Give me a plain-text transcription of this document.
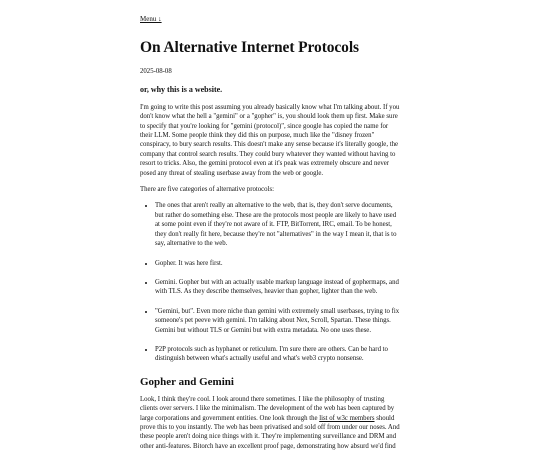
Menu ↓
On Alternative Internet Protocols
2025-08-08
or, why this is a website.

I'm going to write this post assuming you already basically know what I'm talking about. If you don't know what the hell a "gemini" or a "gopher" is, you should look them up first. Make sure to specify that you're looking for "gemini (protocol)", since google has copied the name for their LLM. Some people think they did this on purpose, much like the "disney frozen" conspiracy, to bury search results. This doesn't make any sense because it's literally google, the company that control search results. They could bury whatever they wanted without having to resort to tricks. Also, the gemini protocol even at it's peak was extremely obscure and never posed any threat of stealing userbase away from the web or google.

There are five categories of alternative protocols:

• The ones that aren't really an alternative to the web, that is, they don't serve documents, but rather do something else. These are the protocols most people are likely to have used at some point even if they're not aware of it. FTP, BitTorrent, IRC, email. To be honest, they don't really fit here, because they're not "alternatives" in the way I mean it, that is to say, alternative to the web.
• Gopher. It was here first.
• Gemini. Gopher but with an actually usable markup language instead of gophermaps, and with TLS. As they describe themselves, heavier than gopher, lighter than the web.
• "Gemini, but". Even more niche than gemini with extremely small userbases, trying to fix someone's pet peeve with gemini. I'm talking about Nex, Scroll, Spartan. These things. Gemini but without TLS or Gemini but with extra metadata. No one uses these.
• P2P protocols such as hyphanet or reticulum. I'm sure there are others. Can be hard to distinguish between what's actually useful and what's web3 crypto nonsense.
Gopher and Gemini

Look, I think they're cool. I look around there sometimes. I like the philosophy of trusting clients over servers. I like the minimalism. The development of the web has been captured by large corporations and government entities. One look through the list of w3c members should prove this to you instantly. The web has been privatised and sold off from under our noses. And these people aren't doing nice things with it. They're implementing surveillance and DRM and other anti-features. Bitorch have an excellent proof page, demonstrating how absurd we'd find
